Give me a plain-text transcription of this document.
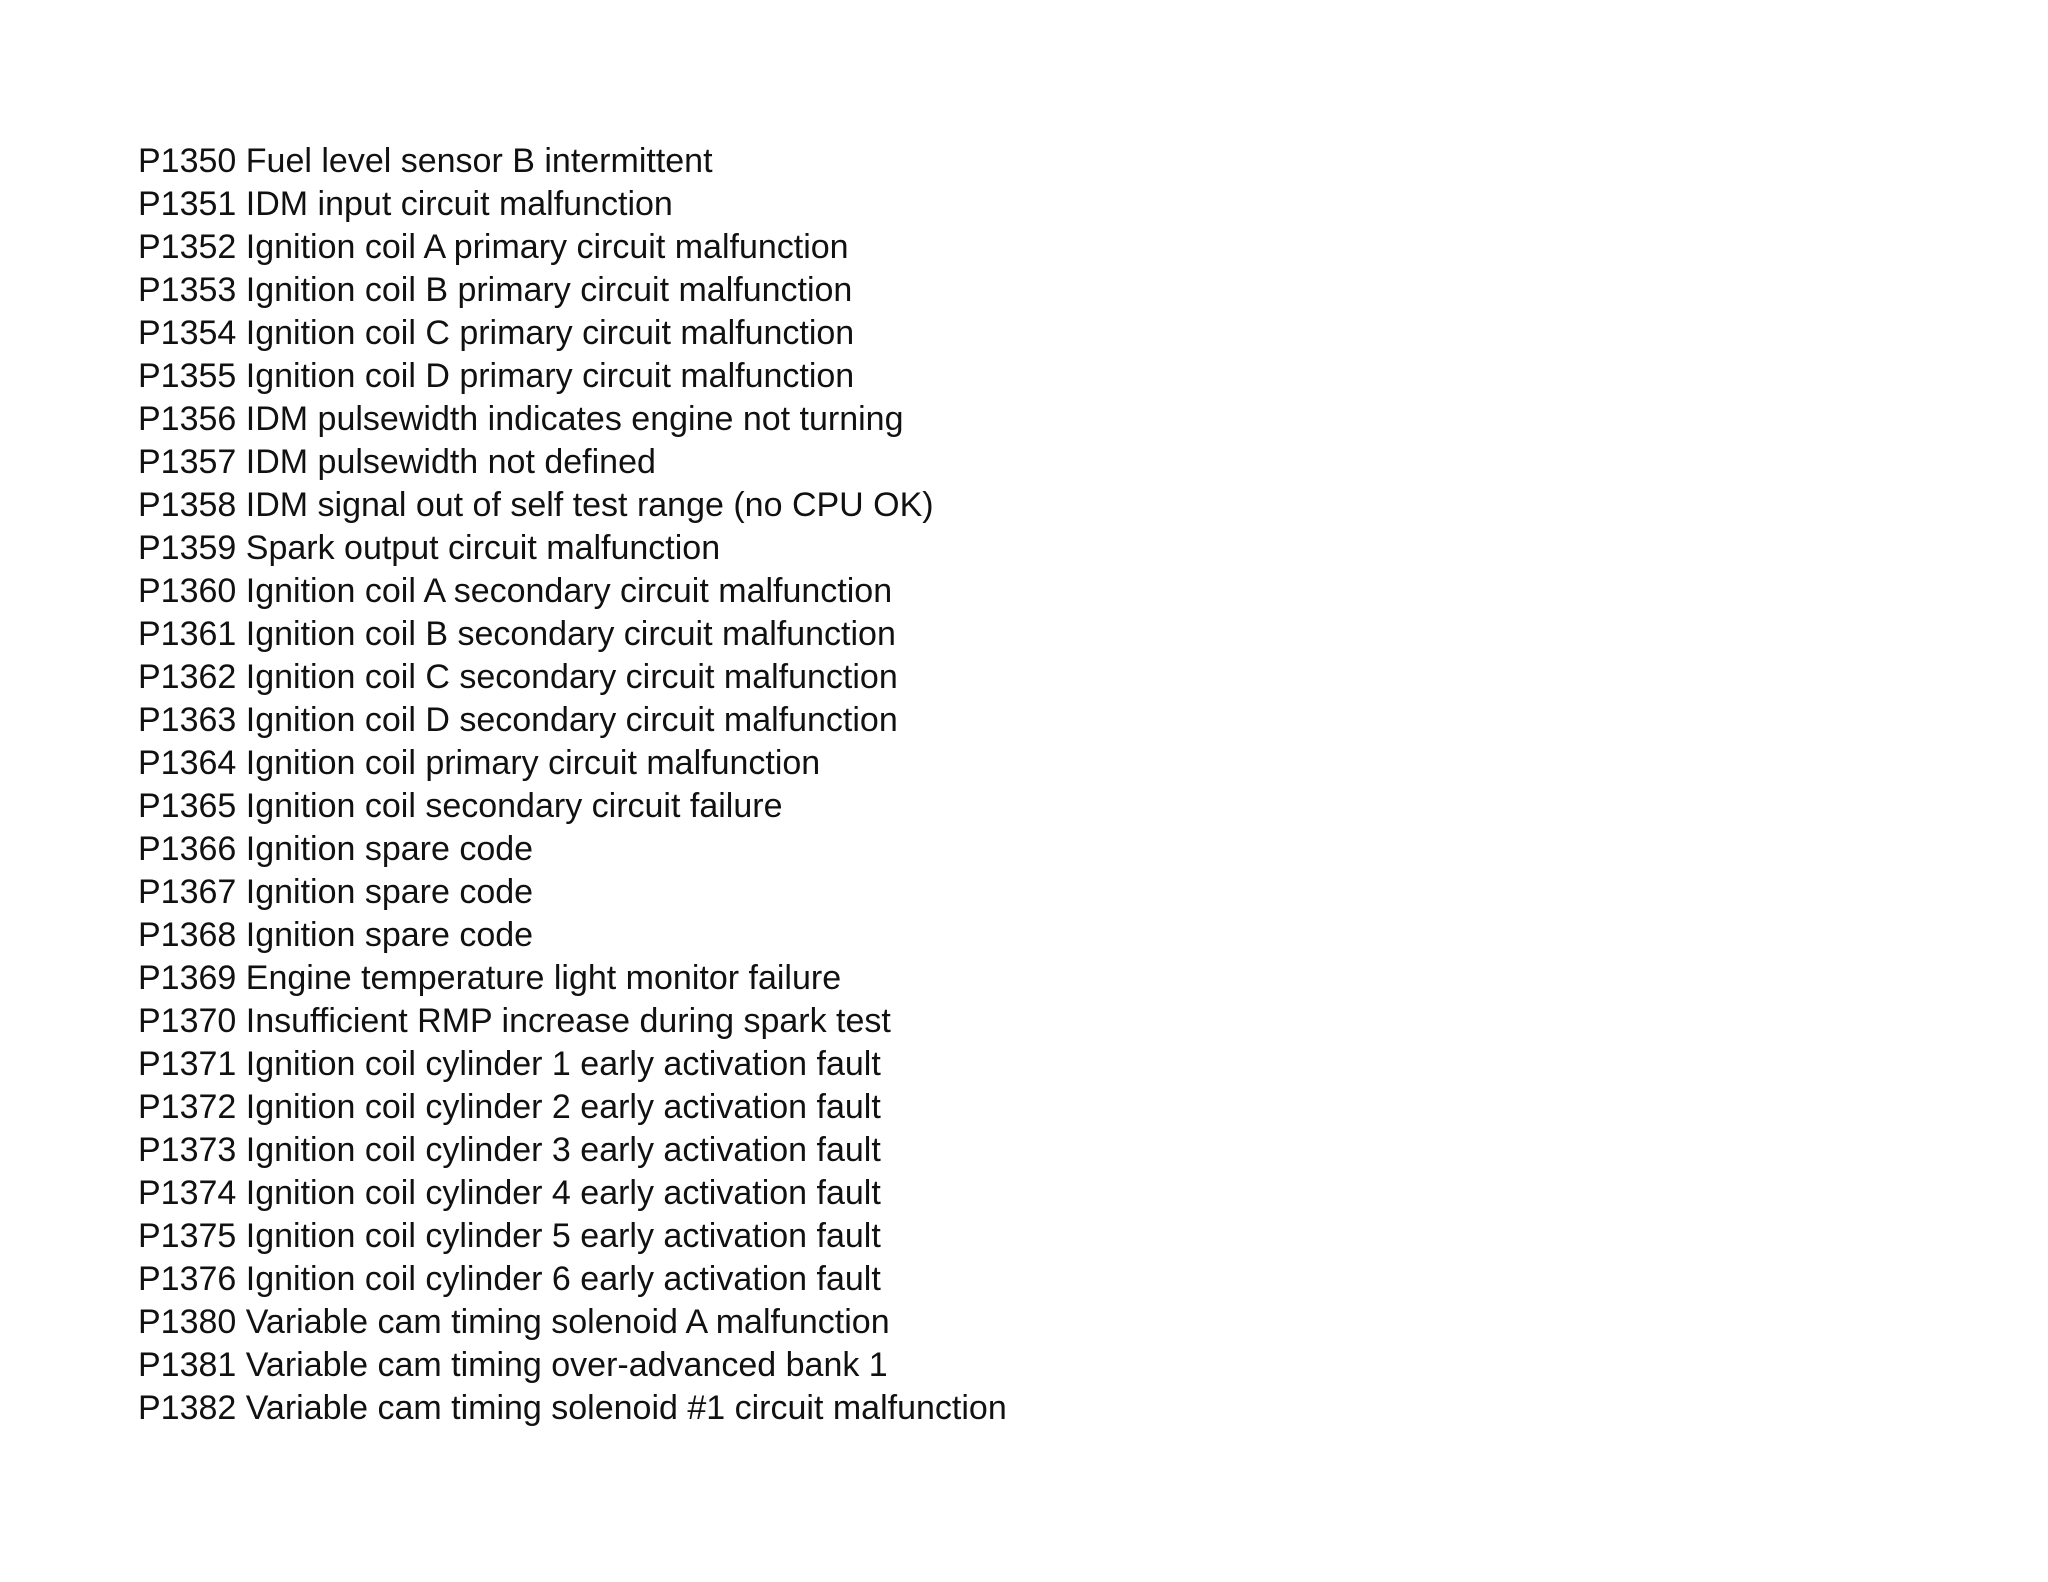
P1350 Fuel level sensor B intermittent
P1351 IDM input circuit malfunction
P1352 Ignition coil A primary circuit malfunction
P1353 Ignition coil B primary circuit malfunction
P1354 Ignition coil C primary circuit malfunction
P1355 Ignition coil D primary circuit malfunction
P1356 IDM pulsewidth indicates engine not turning
P1357 IDM pulsewidth not defined
P1358 IDM signal out of self test range (no CPU OK)
P1359 Spark output circuit malfunction
P1360 Ignition coil A secondary circuit malfunction
P1361 Ignition coil B secondary circuit malfunction
P1362 Ignition coil C secondary circuit malfunction
P1363 Ignition coil D secondary circuit malfunction
P1364 Ignition coil primary circuit malfunction
P1365 Ignition coil secondary circuit failure
P1366 Ignition spare code
P1367 Ignition spare code
P1368 Ignition spare code
P1369 Engine temperature light monitor failure
P1370 Insufficient RMP increase during spark test
P1371 Ignition coil cylinder 1 early activation fault
P1372 Ignition coil cylinder 2 early activation fault
P1373 Ignition coil cylinder 3 early activation fault
P1374 Ignition coil cylinder 4 early activation fault
P1375 Ignition coil cylinder 5 early activation fault
P1376 Ignition coil cylinder 6 early activation fault
P1380 Variable cam timing solenoid A malfunction
P1381 Variable cam timing over-advanced bank 1
P1382 Variable cam timing solenoid #1 circuit malfunction
